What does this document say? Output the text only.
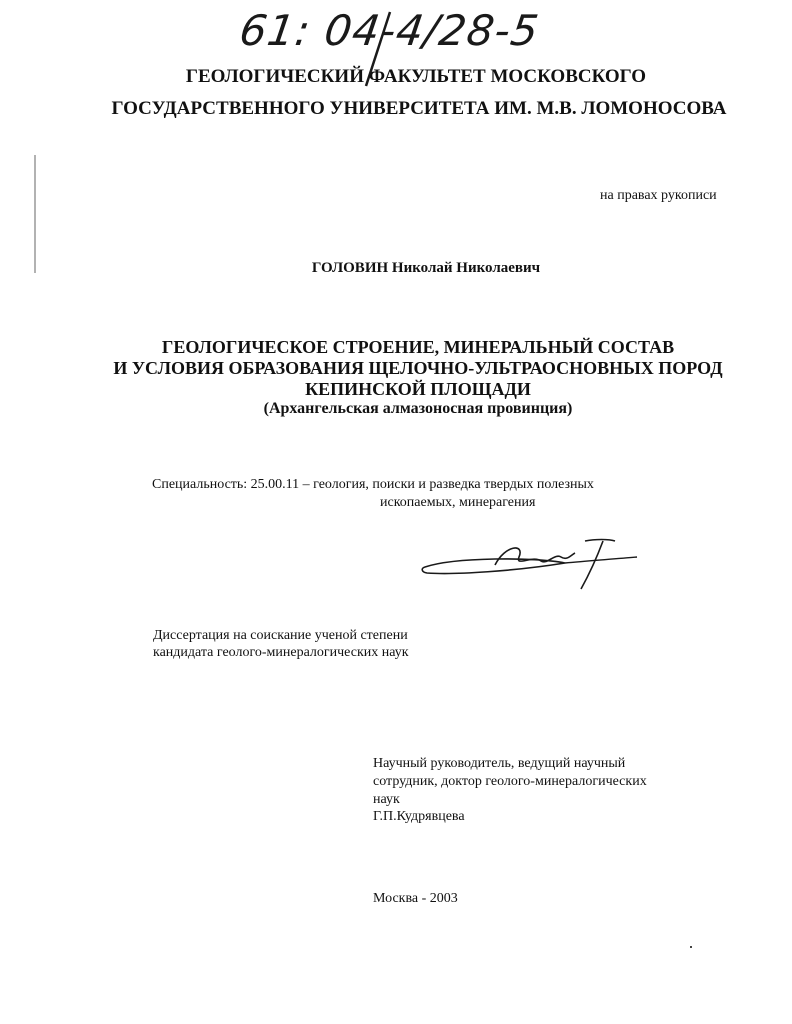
61: 04-4/28-5
ГЕОЛОГИЧЕСКИЙ ФАКУЛЬТЕТ МОСКОВСКОГО
ГОСУДАРСТВЕННОГО УНИВЕРСИТЕТА ИМ. М.В. ЛОМОНОСОВА
на правах рукописи
ГОЛОВИН Николай Николаевич
ГЕОЛОГИЧЕСКОЕ СТРОЕНИЕ, МИНЕРАЛЬНЫЙ СОСТАВ
И УСЛОВИЯ ОБРАЗОВАНИЯ ЩЕЛОЧНО-УЛЬТРАОСНОВНЫХ ПОРОД
КЕПИНСКОЙ ПЛОЩАДИ
(Архангельская алмазоносная провинция)
Специальность: 25.00.11 – геология, поиски и разведка твердых полезных
ископаемых, минерагения
Диссертация на соискание ученой степени
кандидата геолого-минералогических наук
Научный руководитель, ведущий научный
сотрудник, доктор геолого-минералогических
наук
Г.П.Кудрявцева
Москва - 2003
